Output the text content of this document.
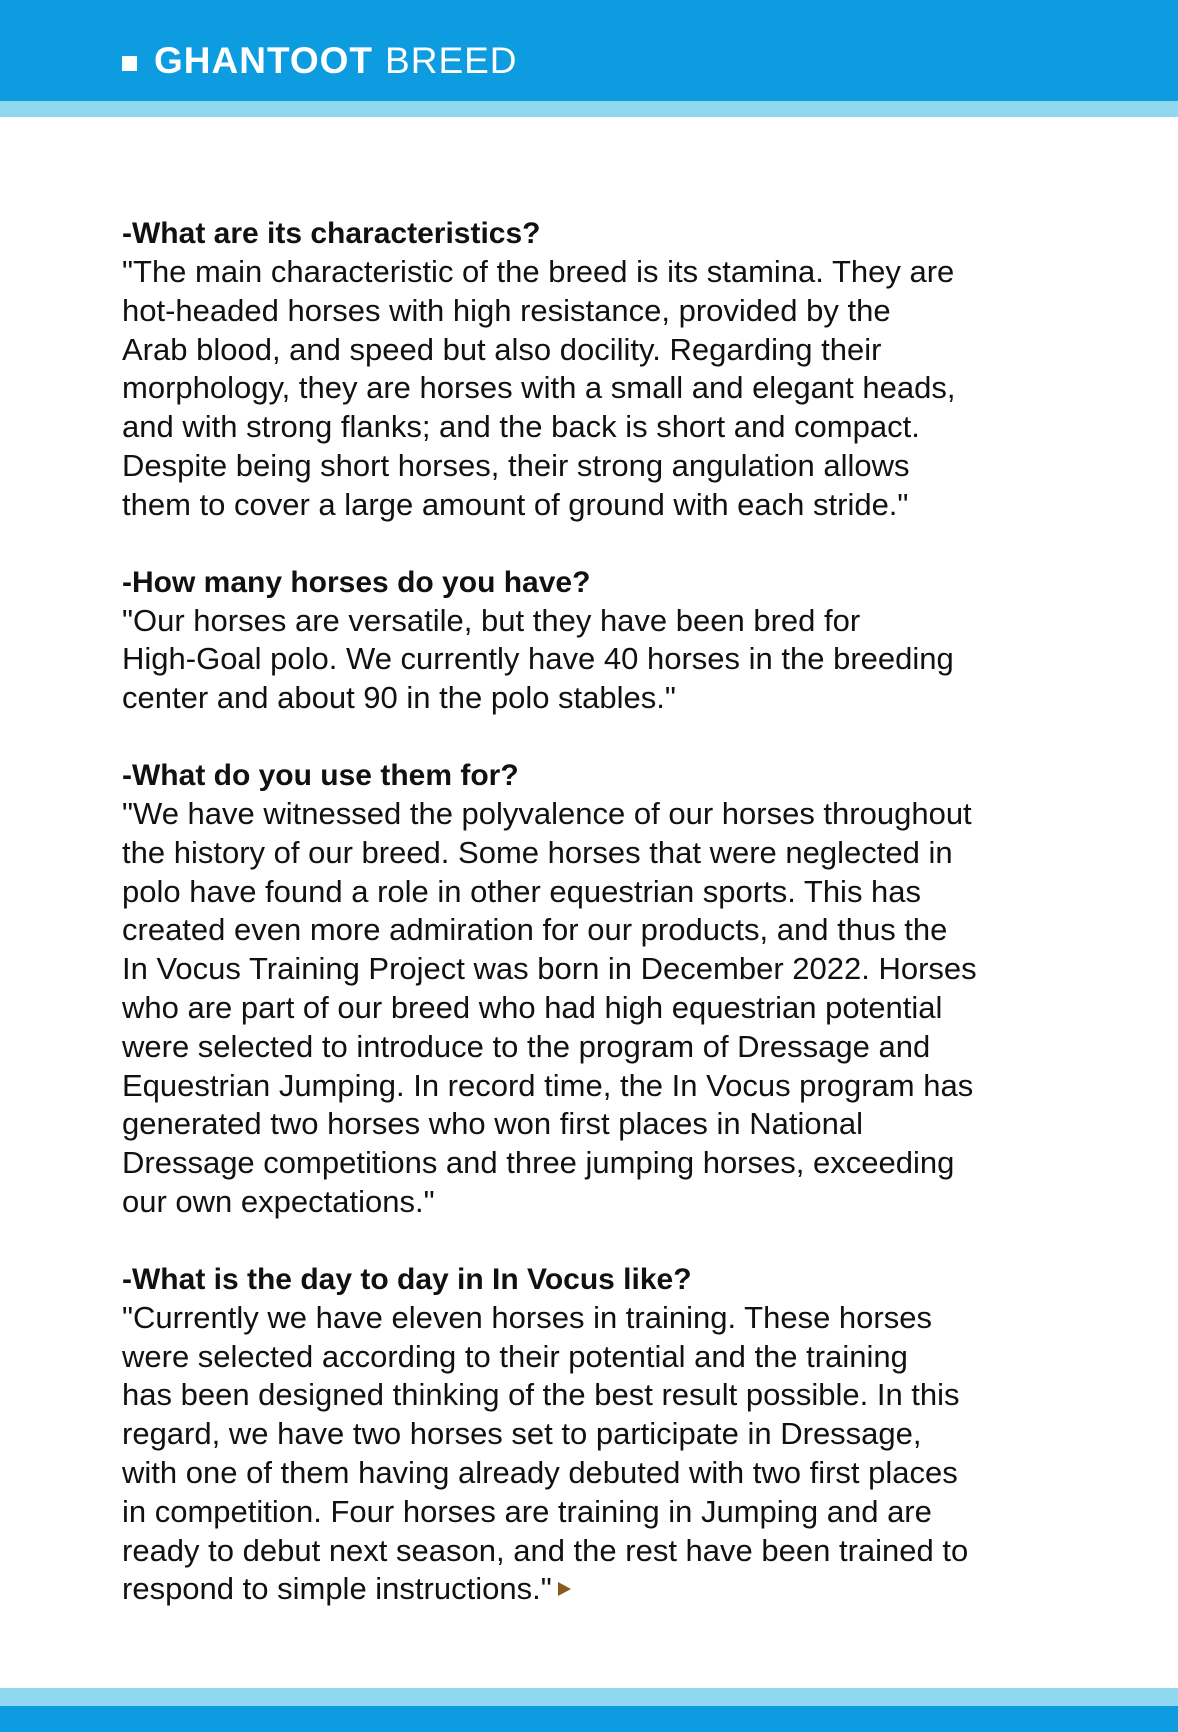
GHANTOOT BREED

-What are its characteristics?

"The main characteristic of the breed is its stamina. They are
hot-headed horses with high resistance, provided by the
Arab blood, and speed but also docility. Regarding their
morphology, they are horses with a small and elegant heads,
and with strong flanks; and the back is short and compact.
Despite being short horses, their strong angulation allows
them to cover a large amount of ground with each stride."

-How many horses do you have?

"Our horses are versatile, but they have been bred for
High-Goal polo. We currently have 40 horses in the breeding
center and about 90 in the polo stables."

-What do you use them for?

"We have witnessed the polyvalence of our horses throughout
the history of our breed. Some horses that were neglected in
polo have found a role in other equestrian sports. This has
created even more admiration for our products, and thus the
In Vocus Training Project was born in December 2022. Horses
who are part of our breed who had high equestrian potential
were selected to introduce to the program of Dressage and
Equestrian Jumping. In record time, the In Vocus program has
generated two horses who won first places in National
Dressage competitions and three jumping horses, exceeding
our own expectations."

-What is the day to day in In Vocus like?

"Currently we have eleven horses in training. These horses
were selected according to their potential and the training
has been designed thinking of the best result possible. In this
regard, we have two horses set to participate in Dressage,
with one of them having already debuted with two first places
in competition. Four horses are training in Jumping and are
ready to debut next season, and the rest have been trained to
respond to simple instructions."
